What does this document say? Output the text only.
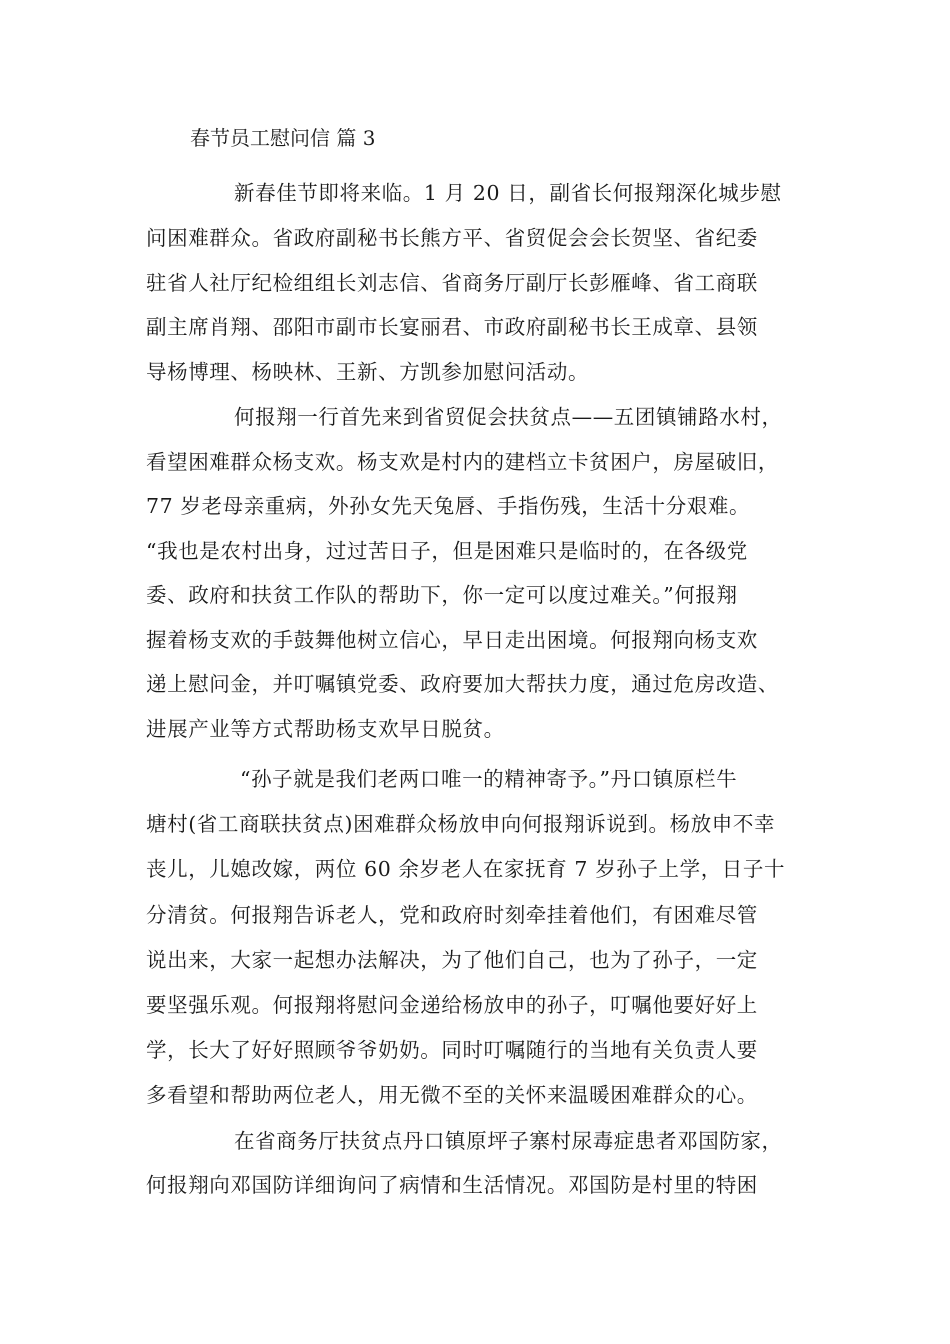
春节员工慰问信 篇 3
新春佳节即将来临。1 月 20 日，副省长何报翔深化城步慰
问困难群众。省政府副秘书长熊方平、省贸促会会长贺坚、省纪委
驻省人社厅纪检组组长刘志信、省商务厅副厅长彭雁峰、省工商联
副主席肖翔、邵阳市副市长宴丽君、市政府副秘书长王成章、县领
导杨博理、杨映林、王新、方凯参加慰问活动。
何报翔一行首先来到省贸促会扶贫点——五团镇铺路水村，
看望困难群众杨支欢。杨支欢是村内的建档立卡贫困户，房屋破旧，
77 岁老母亲重病，外孙女先天兔唇、手指伤残，生活十分艰难。
“我也是农村出身，过过苦日子，但是困难只是临时的，在各级党
委、政府和扶贫工作队的帮助下，你一定可以度过难关。”何报翔
握着杨支欢的手鼓舞他树立信心，早日走出困境。何报翔向杨支欢
递上慰问金，并叮嘱镇党委、政府要加大帮扶力度，通过危房改造、
进展产业等方式帮助杨支欢早日脱贫。
“孙子就是我们老两口唯一的精神寄予。”丹口镇原栏牛
塘村(省工商联扶贫点)困难群众杨放申向何报翔诉说到。杨放申不幸
丧儿，儿媳改嫁，两位 60 余岁老人在家抚育 7 岁孙子上学，日子十
分清贫。何报翔告诉老人，党和政府时刻牵挂着他们，有困难尽管
说出来，大家一起想办法解决，为了他们自己，也为了孙子，一定
要坚强乐观。何报翔将慰问金递给杨放申的孙子，叮嘱他要好好上
学，长大了好好照顾爷爷奶奶。同时叮嘱随行的当地有关负责人要
多看望和帮助两位老人，用无微不至的关怀来温暖困难群众的心。
在省商务厅扶贫点丹口镇原坪子寨村尿毒症患者邓国防家，
何报翔向邓国防详细询问了病情和生活情况。邓国防是村里的特困
